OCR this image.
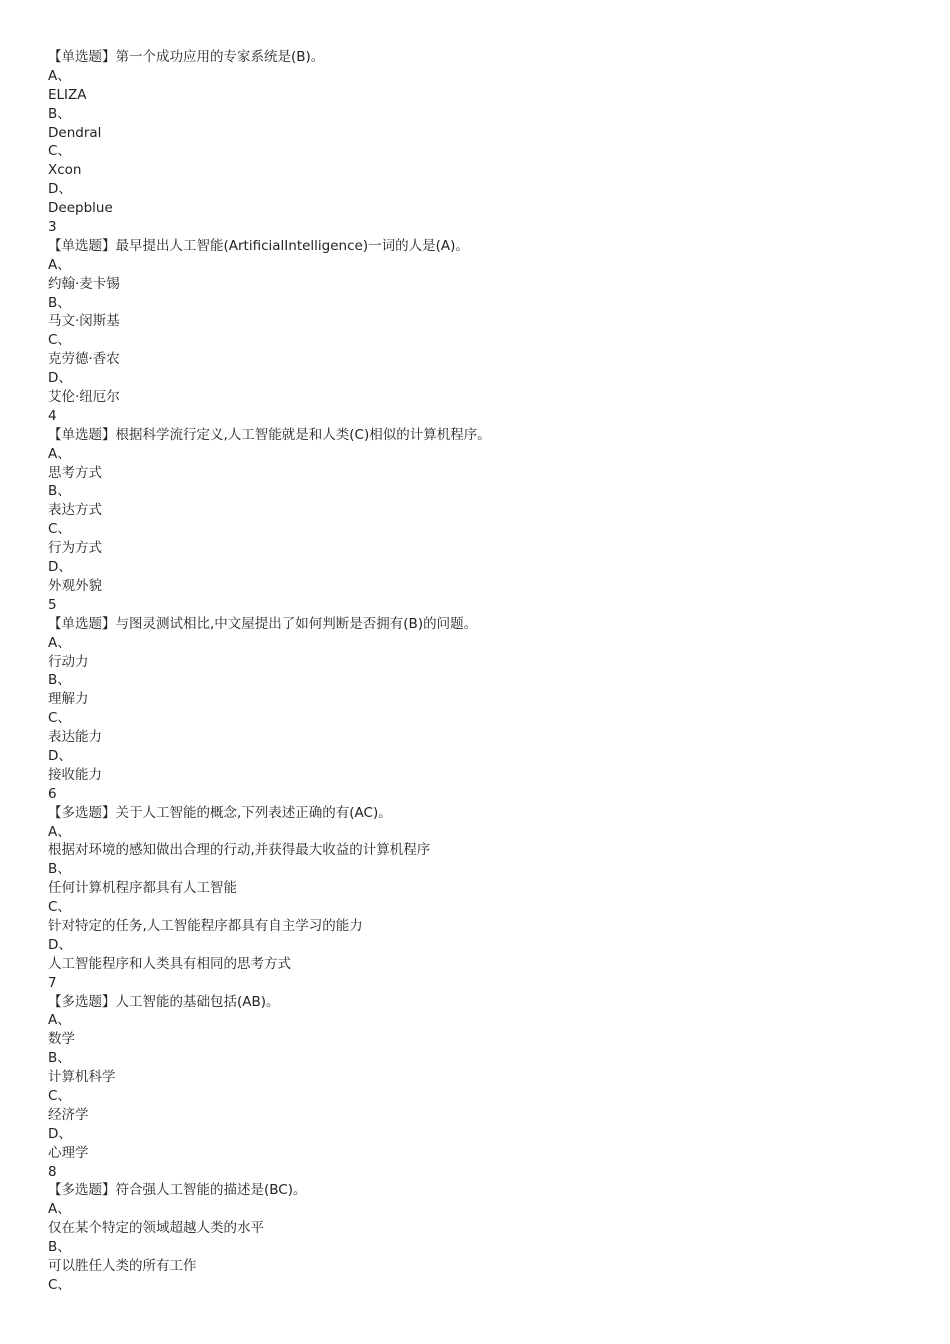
【单选题】第一个成功应用的专家系统是(B)。
A、
ELIZA
B、
Dendral
C、
Xcon
D、
Deepblue
3
【单选题】最早提出人工智能(ArtificialIntelligence)一词的人是(A)。
A、
约翰·麦卡锡
B、
马文·闵斯基
C、
克劳德·香农
D、
艾伦·纽厄尔
4
【单选题】根据科学流行定义,人工智能就是和人类(C)相似的计算机程序。
A、
思考方式
B、
表达方式
C、
行为方式
D、
外观外貌
5
【单选题】与图灵测试相比,中文屋提出了如何判断是否拥有(B)的问题。
A、
行动力
B、
理解力
C、
表达能力
D、
接收能力
6
【多选题】关于人工智能的概念,下列表述正确的有(AC)。
A、
根据对环境的感知做出合理的行动,并获得最大收益的计算机程序
B、
任何计算机程序都具有人工智能
C、
针对特定的任务,人工智能程序都具有自主学习的能力
D、
人工智能程序和人类具有相同的思考方式
7
【多选题】人工智能的基础包括(AB)。
A、
数学
B、
计算机科学
C、
经济学
D、
心理学
8
【多选题】符合强人工智能的描述是(BC)。
A、
仅在某个特定的领域超越人类的水平
B、
可以胜任人类的所有工作
C、
